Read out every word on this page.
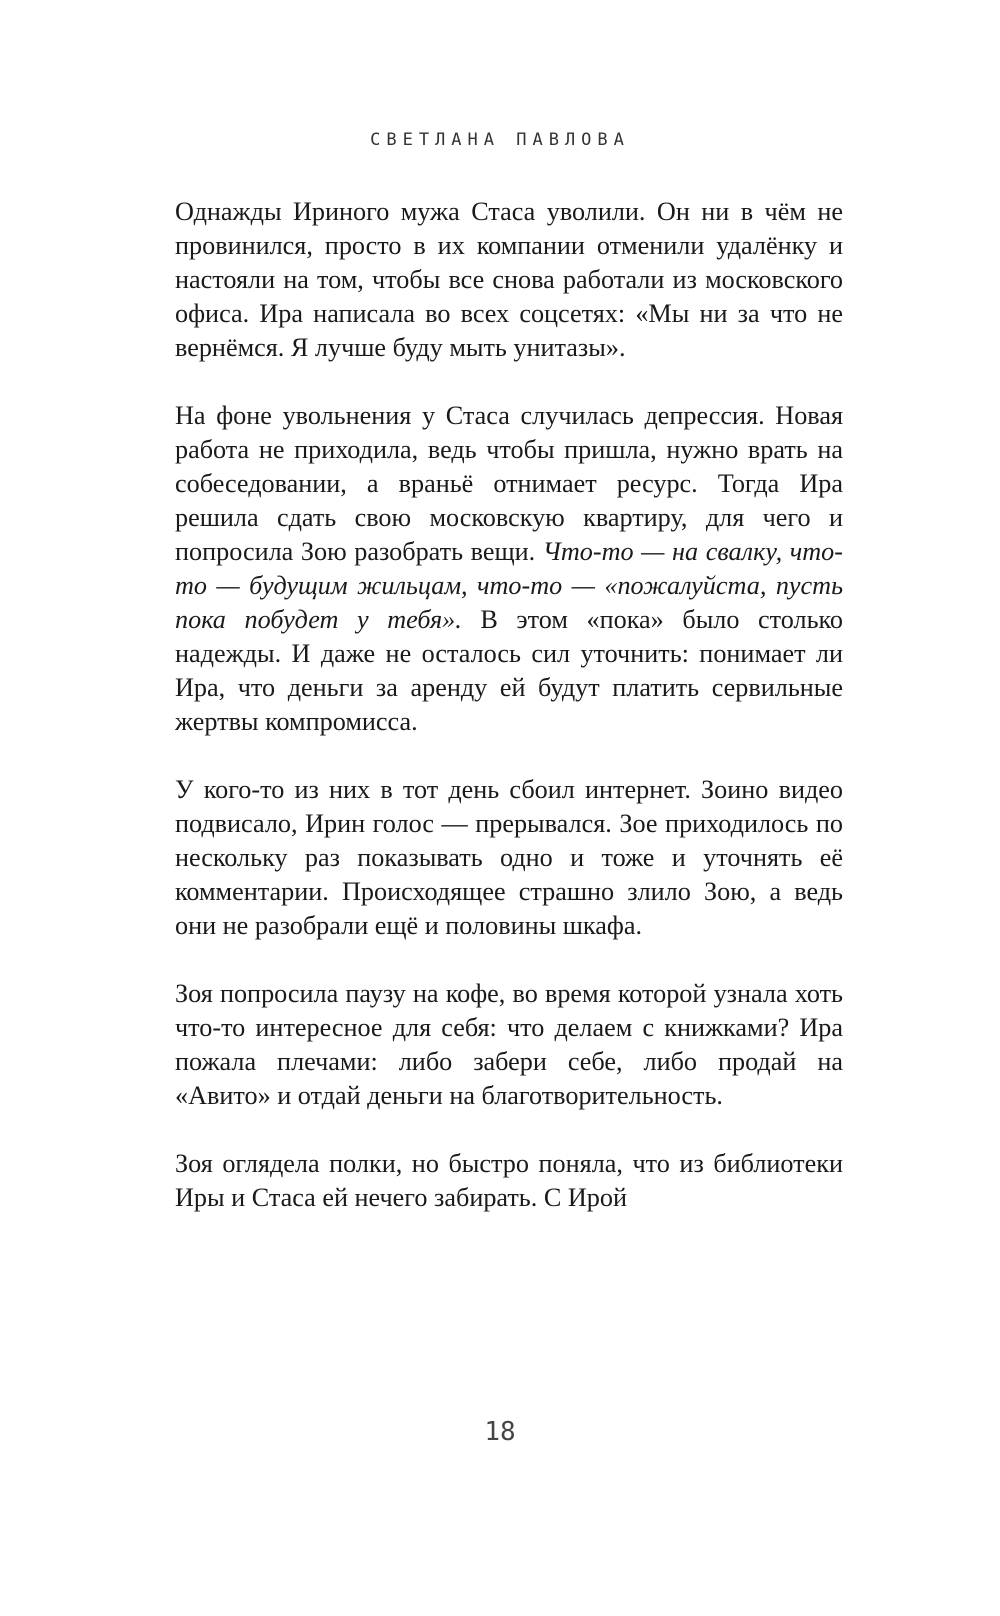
СВЕТЛАНА ПАВЛОВА

Однажды Ириного мужа Стаса уволили. Он ни в чём не провинился, просто в их компании отменили удалёнку и настояли на том, чтобы все снова работали из московского офиса. Ира написала во всех соцсетях: «Мы ни за что не вернёмся. Я лучше буду мыть унитазы».

На фоне увольнения у Стаса случилась депрессия. Новая работа не приходила, ведь чтобы пришла, нужно врать на собеседовании, а враньё отнимает ресурс. Тогда Ира решила сдать свою московскую квартиру, для чего и попросила Зою разобрать вещи. Что-то — на свалку, что-то — будущим жильцам, что-то — «пожалуйста, пусть пока побудет у тебя». В этом «пока» было столько надежды. И даже не осталось сил уточнить: понимает ли Ира, что деньги за аренду ей будут платить сервильные жертвы компромисса.

У кого-то из них в тот день сбоил интернет. Зоино видео подвисало, Ирин голос — прерывался. Зое приходилось по нескольку раз показывать одно и тоже и уточнять её комментарии. Происходящее страшно злило Зою, а ведь они не разобрали ещё и половины шкафа.

Зоя попросила паузу на кофе, во время которой узнала хоть что-то интересное для себя: что делаем с книжками? Ира пожала плечами: либо забери себе, либо продай на «Авито» и отдай деньги на благотворительность.

Зоя оглядела полки, но быстро поняла, что из библиотеки Иры и Стаса ей нечего забирать. С Ирой

18
